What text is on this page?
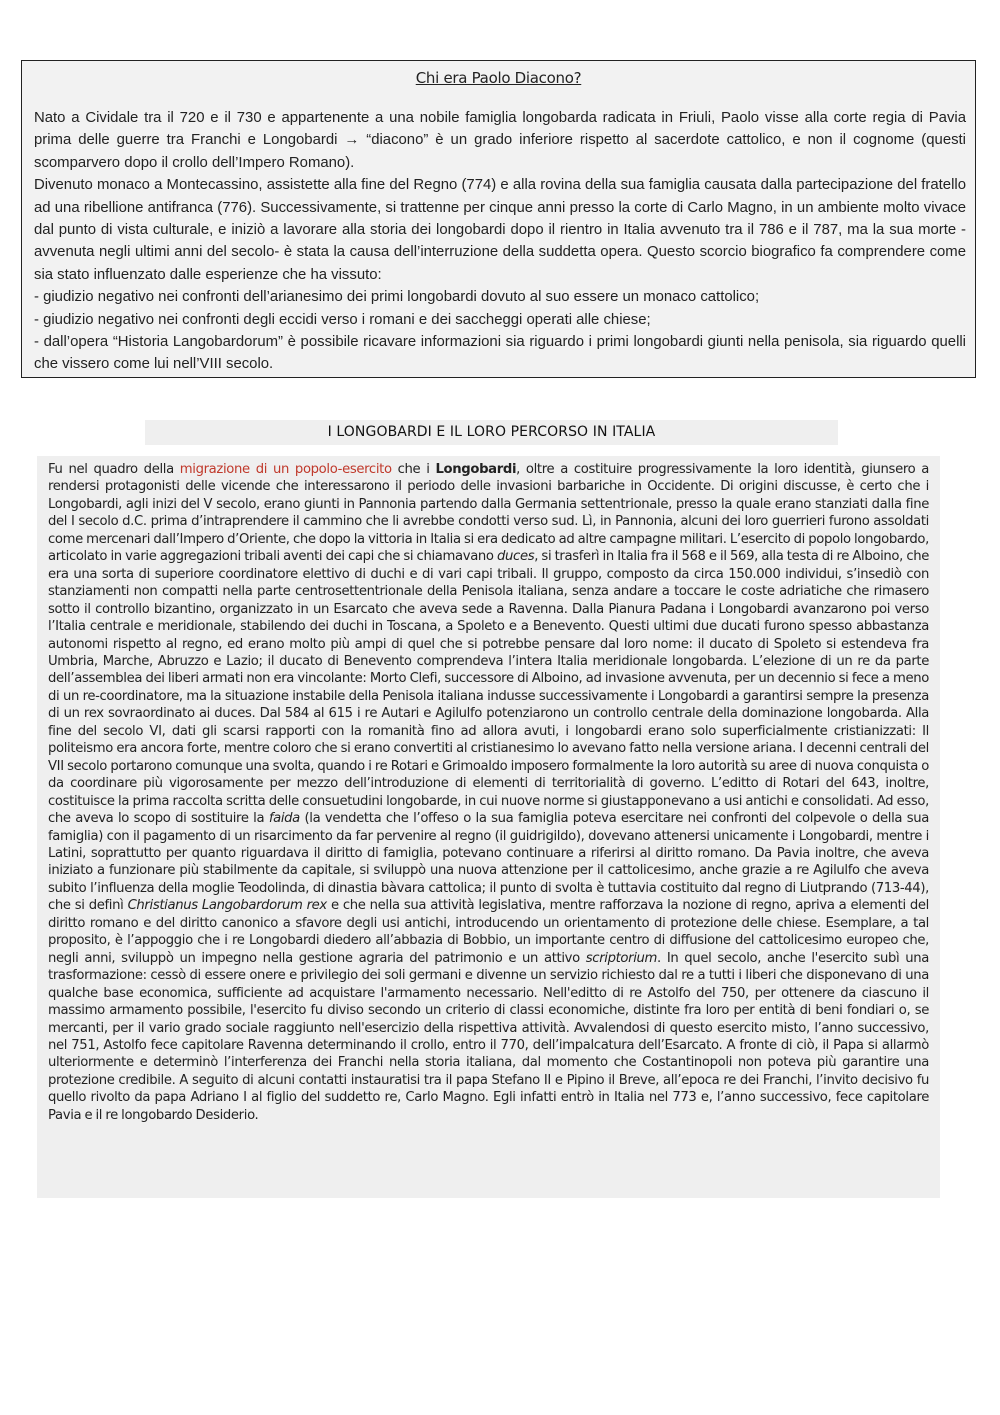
Chi era Paolo Diacono?

Nato a Cividale tra il 720 e il 730 e appartenente a una nobile famiglia longobarda radicata in Friuli, Paolo visse alla corte regia di Pavia prima delle guerre tra Franchi e Longobardi → “diacono” è un grado inferiore rispetto al sacerdote cattolico, e non il cognome (questi scomparvero dopo il crollo dell’Impero Romano).

Divenuto monaco a Montecassino, assistette alla fine del Regno (774) e alla rovina della sua famiglia causata dalla partecipazione del fratello ad una ribellione antifranca (776). Successivamente, si trattenne per cinque anni presso la corte di Carlo Magno, in un ambiente molto vivace dal punto di vista culturale, e iniziò a lavorare alla storia dei longobardi dopo il rientro in Italia avvenuto tra il 786 e il 787, ma la sua morte -avvenuta negli ultimi anni del secolo- è stata la causa dell’interruzione della suddetta opera. Questo scorcio biografico fa comprendere come sia stato influenzato dalle esperienze che ha vissuto:

- giudizio negativo nei confronti dell’arianesimo dei primi longobardi dovuto al suo essere un monaco cattolico;

- giudizio negativo nei confronti degli eccidi verso i romani e dei saccheggi operati alle chiese;

- dall’opera “Historia Langobardorum” è possibile ricavare informazioni sia riguardo i primi longobardi giunti nella penisola, sia riguardo quelli che vissero come lui nell’VIII secolo.

I LONGOBARDI E IL LORO PERCORSO IN ITALIA
Fu nel quadro della migrazione di un popolo-esercito che i Longobardi, oltre a costituire progressivamente la loro identità, giunsero a rendersi protagonisti delle vicende che interessarono il periodo delle invasioni barbariche in Occidente. Di origini discusse, è certo che i Longobardi, agli inizi del V secolo, erano giunti in Pannonia partendo dalla Germania settentrionale, presso la quale erano stanziati dalla fine del I secolo d.C. prima d’intraprendere il cammino che li avrebbe condotti verso sud. Lì, in Pannonia, alcuni dei loro guerrieri furono assoldati come mercenari dall’Impero d’Oriente, che dopo la vittoria in Italia si era dedicato ad altre campagne militari. L’esercito di popolo longobardo, articolato in varie aggregazioni tribali aventi dei capi che si chiamavano duces, si trasferì in Italia fra il 568 e il 569, alla testa di re Alboino, che era una sorta di superiore coordinatore elettivo di duchi e di vari capi tribali. Il gruppo, composto da circa 150.000 individui, s’insediò con stanziamenti non compatti nella parte centrosettentrionale della Penisola italiana, senza andare a toccare le coste adriatiche che rimasero sotto il controllo bizantino, organizzato in un Esarcato che aveva sede a Ravenna. Dalla Pianura Padana i Longobardi avanzarono poi verso l’Italia centrale e meridionale, stabilendo dei duchi in Toscana, a Spoleto e a Benevento. Questi ultimi due ducati furono spesso abbastanza autonomi rispetto al regno, ed erano molto più ampi di quel che si potrebbe pensare dal loro nome: il ducato di Spoleto si estendeva fra Umbria, Marche, Abruzzo e Lazio; il ducato di Benevento comprendeva l’intera Italia meridionale longobarda. L’elezione di un re da parte dell’assemblea dei liberi armati non era vincolante: Morto Clefi, successore di Alboino, ad invasione avvenuta, per un decennio si fece a meno di un re-coordinatore, ma la situazione instabile della Penisola italiana indusse successivamente i Longobardi a garantirsi sempre la presenza di un rex sovraordinato ai duces. Dal 584 al 615 i re Autari e Agilulfo potenziarono un controllo centrale della dominazione longobarda. Alla fine del secolo VI, dati gli scarsi rapporti con la romanità fino ad allora avuti, i longobardi erano solo superficialmente cristianizzati: Il politeismo era ancora forte, mentre coloro che si erano convertiti al cristianesimo lo avevano fatto nella versione ariana. I decenni centrali del VII secolo portarono comunque una svolta, quando i re Rotari e Grimoaldo imposero formalmente la loro autorità su aree di nuova conquista o da coordinare più vigorosamente per mezzo dell’introduzione di elementi di territorialità di governo. L’editto di Rotari del 643, inoltre, costituisce la prima raccolta scritta delle consuetudini longobarde, in cui nuove norme si giustapponevano a usi antichi e consolidati. Ad esso, che aveva lo scopo di sostituire la faida (la vendetta che l’offeso o la sua famiglia poteva esercitare nei confronti del colpevole o della sua famiglia) con il pagamento di un risarcimento da far pervenire al regno (il guidrigildo), dovevano attenersi unicamente i Longobardi, mentre i Latini, soprattutto per quanto riguardava il diritto di famiglia, potevano continuare a riferirsi al diritto romano. Da Pavia inoltre, che aveva iniziato a funzionare più stabilmente da capitale, si sviluppò una nuova attenzione per il cattolicesimo, anche grazie a re Agilulfo che aveva subito l’influenza della moglie Teodolinda, di dinastia bàvara cattolica; il punto di svolta è tuttavia costituito dal regno di Liutprando (713-44), che si definì Christianus Langobardorum rex e che nella sua attività legislativa, mentre rafforzava la nozione di regno, apriva a elementi del diritto romano e del diritto canonico a sfavore degli usi antichi, introducendo un orientamento di protezione delle chiese. Esemplare, a tal proposito, è l’appoggio che i re Longobardi diedero all’abbazia di Bobbio, un importante centro di diffusione del cattolicesimo europeo che, negli anni, sviluppò un impegno nella gestione agraria del patrimonio e un attivo scriptorium. In quel secolo, anche l'esercito subì una trasformazione: cessò di essere onere e privilegio dei soli germani e divenne un servizio richiesto dal re a tutti i liberi che disponevano di una qualche base economica, sufficiente ad acquistare l'armamento necessario. Nell'editto di re Astolfo del 750, per ottenere da ciascuno il massimo armamento possibile, l'esercito fu diviso secondo un criterio di classi economiche, distinte fra loro per entità di beni fondiari o, se mercanti, per il vario grado sociale raggiunto nell'esercizio della rispettiva attività. Avvalendosi di questo esercito misto, l’anno successivo, nel 751, Astolfo fece capitolare Ravenna determinando il crollo, entro il 770, dell’impalcatura dell’Esarcato. A fronte di ciò, il Papa si allarmò ulteriormente e determinò l’interferenza dei Franchi nella storia italiana, dal momento che Costantinopoli non poteva più garantire una protezione credibile. A seguito di alcuni contatti instauratisi tra il papa Stefano II e Pipino il Breve, all’epoca re dei Franchi, l’invito decisivo fu quello rivolto da papa Adriano I al figlio del suddetto re, Carlo Magno. Egli infatti entrò in Italia nel 773 e, l’anno successivo, fece capitolare Pavia e il re longobardo Desiderio.
